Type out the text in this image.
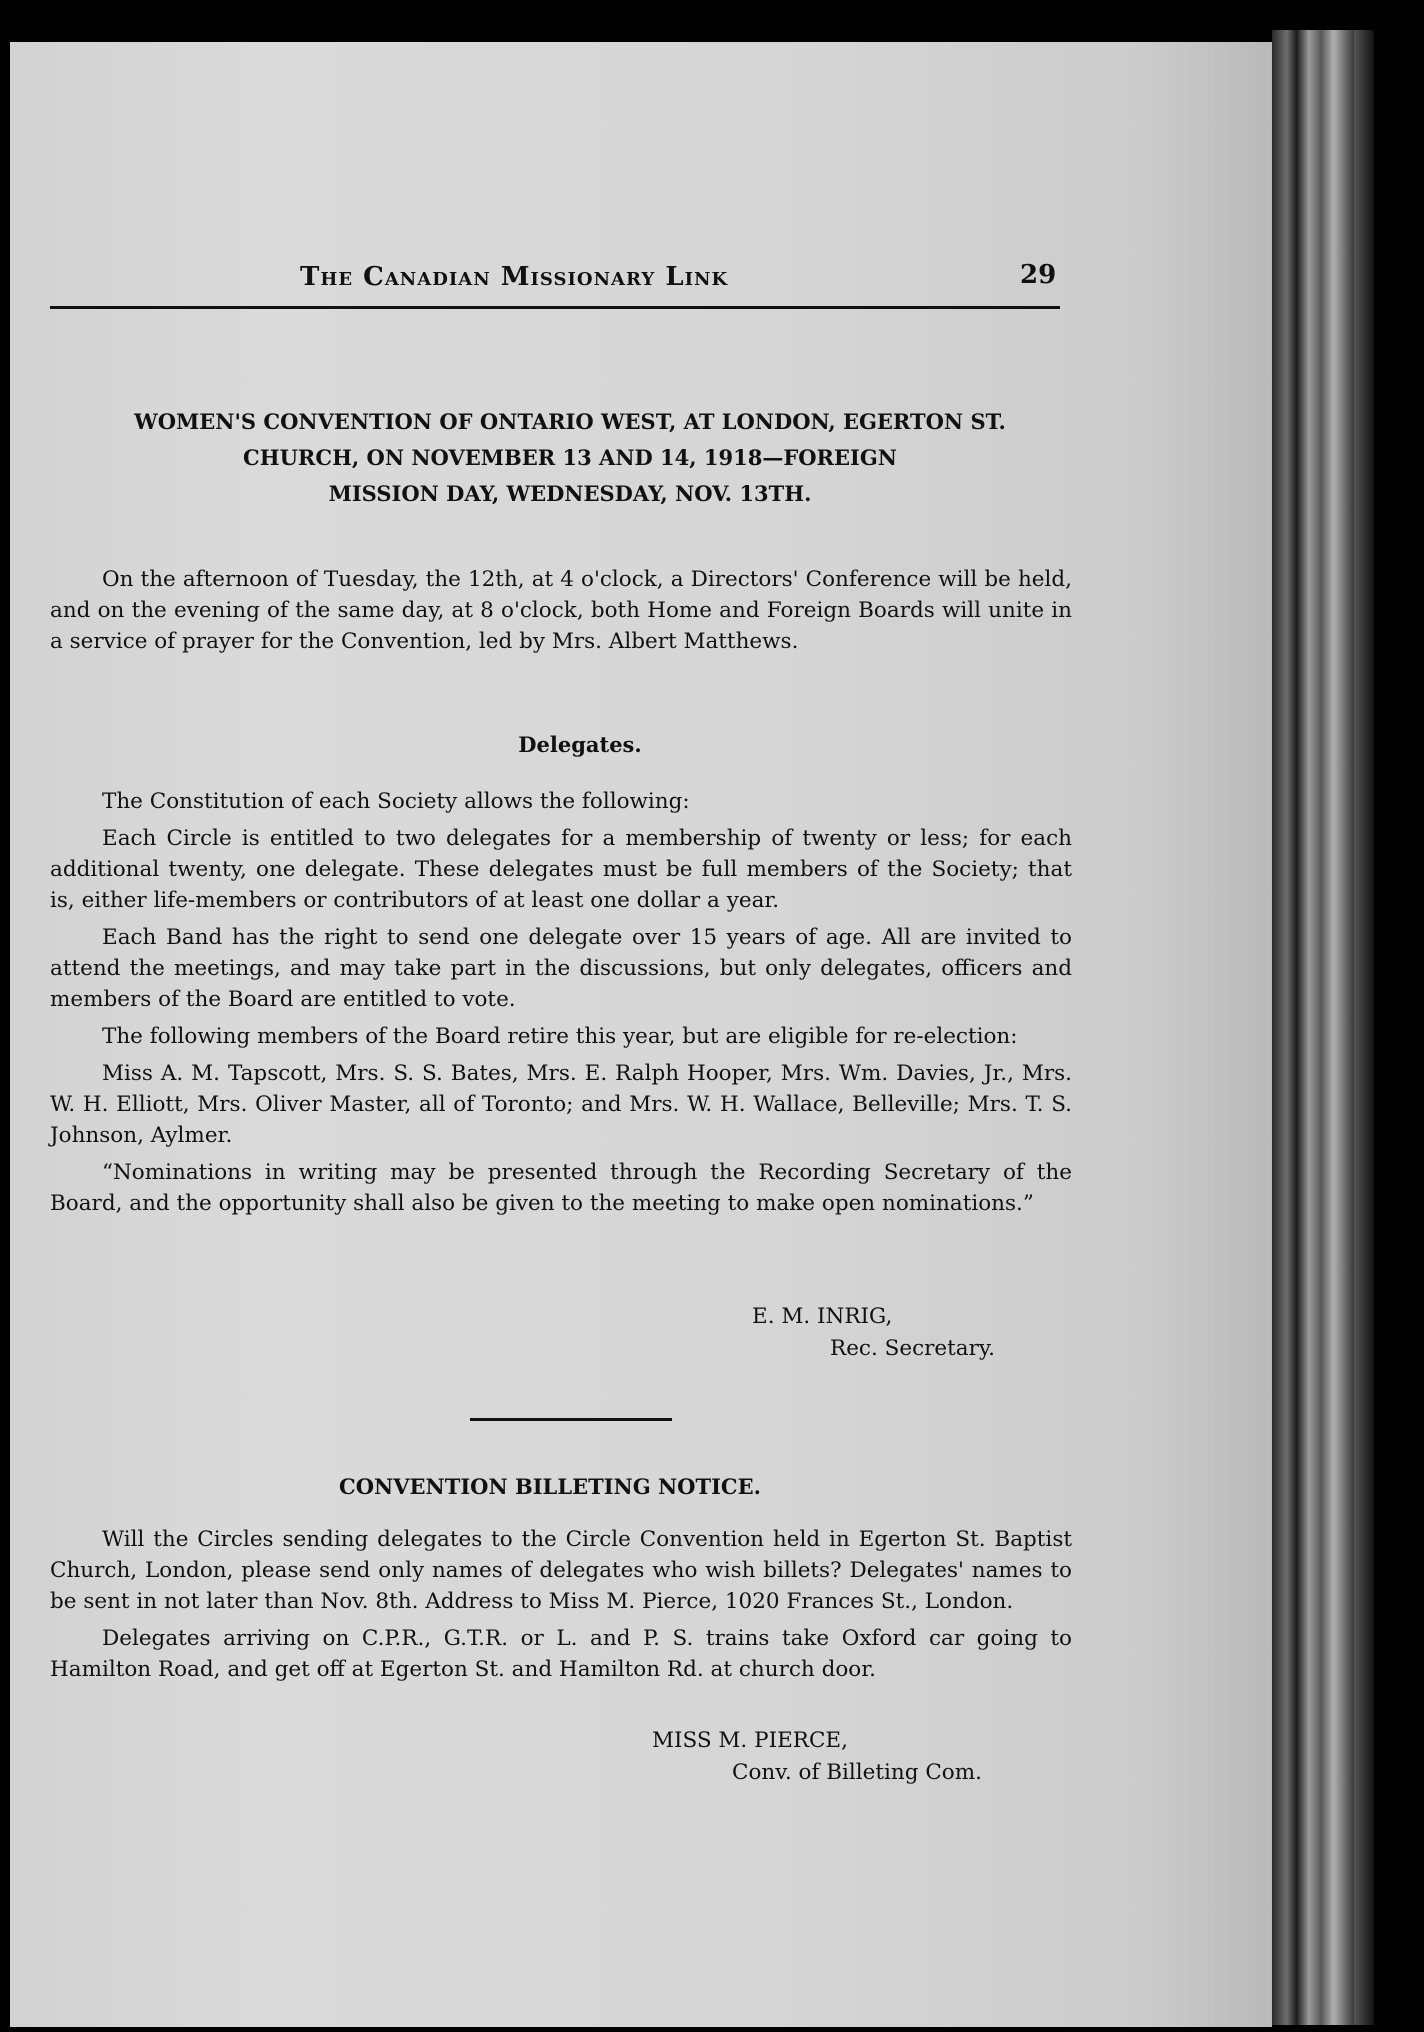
The Canadian Missionary Link	29
WOMEN'S CONVENTION OF ONTARIO WEST, AT LONDON, EGERTON ST.
CHURCH, ON NOVEMBER 13 AND 14, 1918—FOREIGN
MISSION DAY, WEDNESDAY, NOV. 13TH.

On the afternoon of Tuesday, the 12th, at 4 o'clock, a Directors' Conference will be held, and on the evening of the same day, at 8 o'clock, both Home and Foreign Boards will unite in a service of prayer for the Convention, led by Mrs. Albert Matthews.

Delegates.

The Constitution of each Society allows the following:

Each Circle is entitled to two delegates for a membership of twenty or less; for each additional twenty, one delegate. These delegates must be full members of the Society; that is, either life-members or contributors of at least one dollar a year.

Each Band has the right to send one delegate over 15 years of age. All are invited to attend the meetings, and may take part in the discussions, but only delegates, officers and members of the Board are entitled to vote.

The following members of the Board retire this year, but are eligible for re-election:

Miss A. M. Tapscott, Mrs. S. S. Bates, Mrs. E. Ralph Hooper, Mrs. Wm. Davies, Jr., Mrs. W. H. Elliott, Mrs. Oliver Master, all of Toronto; and Mrs. W. H. Wallace, Belleville; Mrs. T. S. Johnson, Aylmer.

“Nominations in writing may be presented through the Recording Secretary of the Board, and the opportunity shall also be given to the meeting to make open nominations.”

E. M. INRIG,
Rec. Secretary.
CONVENTION BILLETING NOTICE.

Will the Circles sending delegates to the Circle Convention held in Egerton St. Baptist Church, London, please send only names of delegates who wish billets? Delegates' names to be sent in not later than Nov. 8th. Address to Miss M. Pierce, 1020 Frances St., London.

Delegates arriving on C.P.R., G.T.R. or L. and P. S. trains take Oxford car going to Hamilton Road, and get off at Egerton St. and Hamilton Rd. at church door.

MISS M. PIERCE,
Conv. of Billeting Com.
